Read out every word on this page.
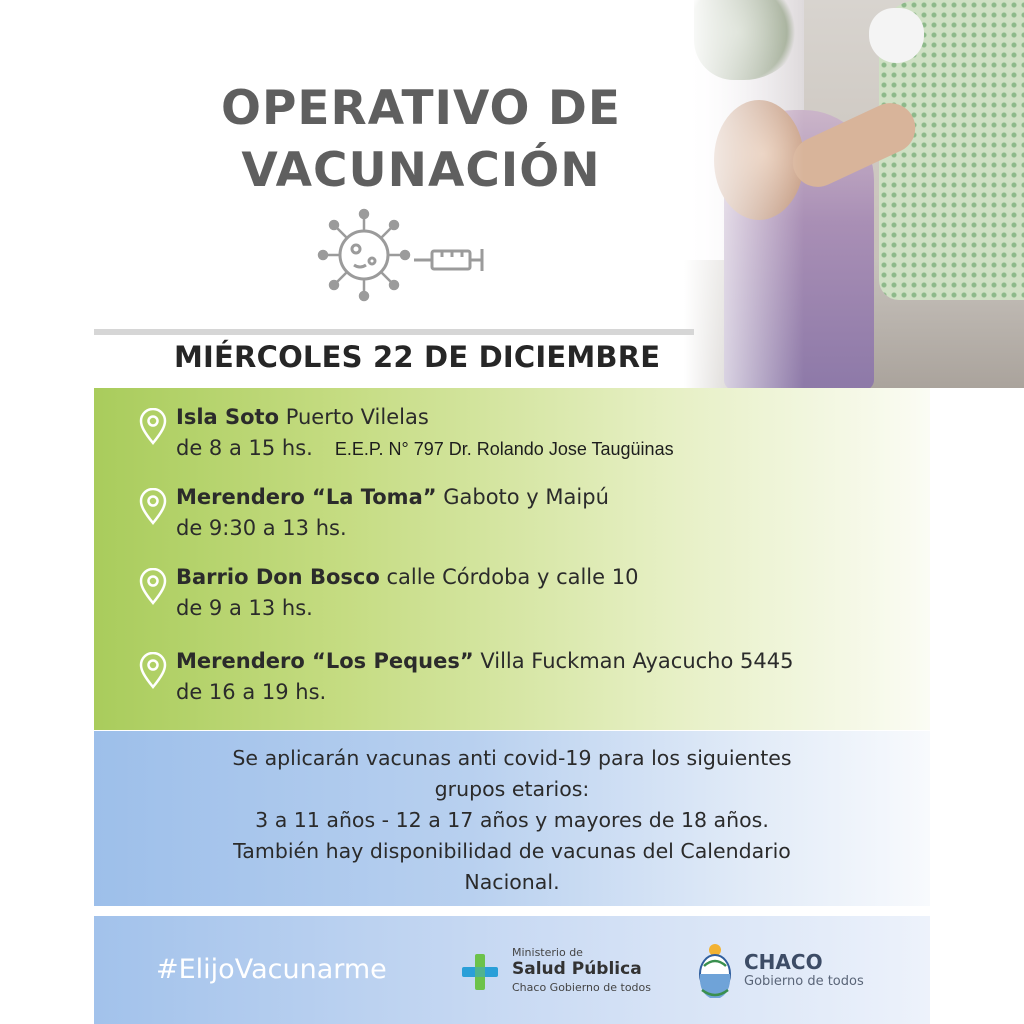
OPERATIVO DE
VACUNACIÓN
MIÉRCOLES 22 DE DICIEMBRE
Isla Soto Puerto Vilelas
de 8 a 15 hs. E.E.P. N° 797 Dr. Rolando Jose Taugüinas
Merendero “La Toma” Gaboto y Maipú
de 9:30 a 13 hs.
Barrio Don Bosco calle Córdoba y calle 10
de 9 a 13 hs.
Merendero “Los Peques” Villa Fuckman Ayacucho 5445
de 16 a 19 hs.

Se aplicarán vacunas anti covid-19 para los siguientes
grupos etarios:
3 a 11 años - 12 a 17 años y mayores de 18 años.
También hay disponibilidad de vacunas del Calendario
Nacional.

#ElijoVacunarme
Ministerio de
Salud Pública
Chaco Gobierno de todos
CHACO
Gobierno de todos
